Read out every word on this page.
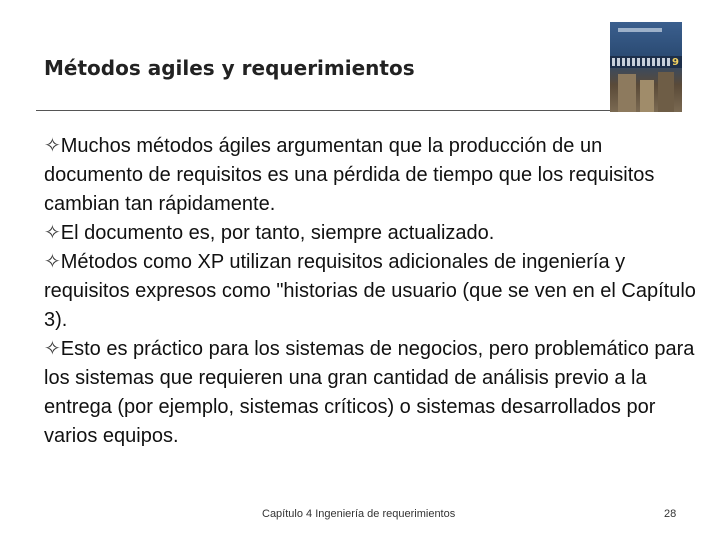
Métodos agiles y requerimientos	9

✧Muchos métodos ágiles argumentan que la producción de un documento de requisitos es una pérdida de tiempo que los requisitos cambian tan rápidamente.

✧El documento es, por tanto, siempre actualizado.

✧Métodos como XP utilizan requisitos adicionales de ingeniería y requisitos expresos como "historias de usuario (que se ven en el Capítulo 3).

✧Esto es práctico para los sistemas de negocios, pero problemático para los sistemas que requieren una gran cantidad de análisis previo a la entrega (por ejemplo, sistemas críticos) o sistemas desarrollados por varios equipos.

Capítulo 4 Ingeniería de requerimientos	28
